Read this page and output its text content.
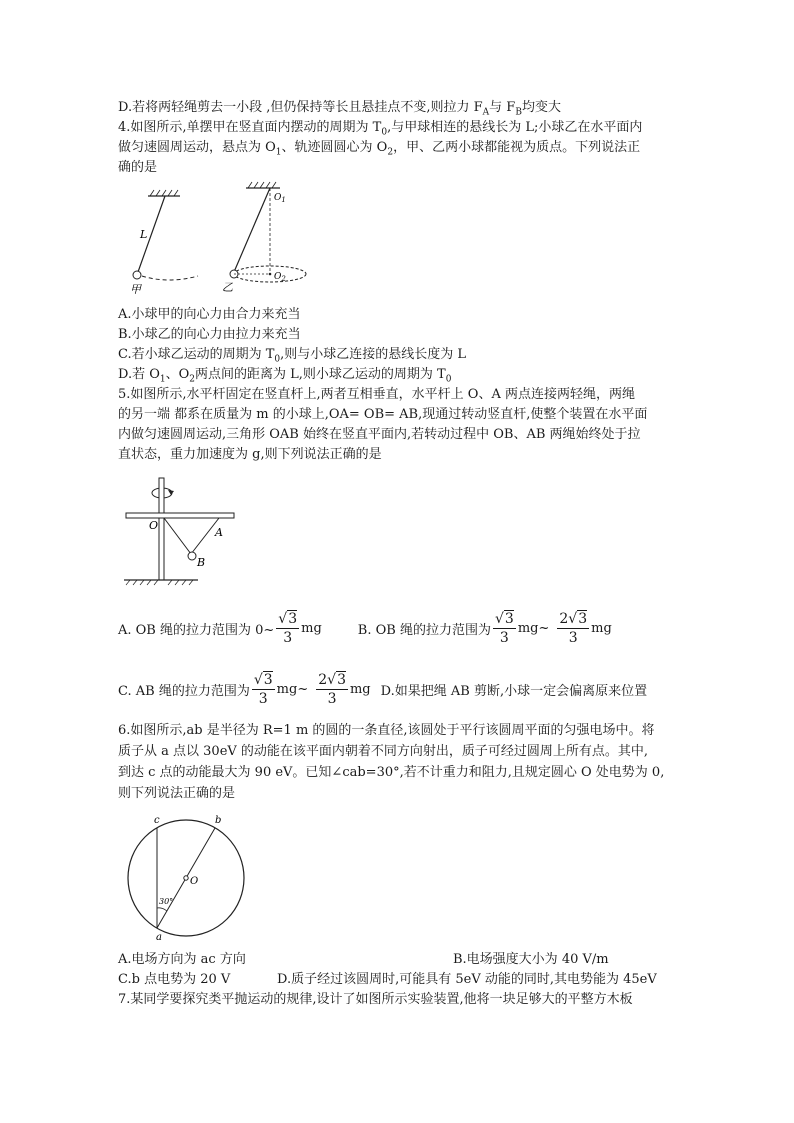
D.若将两轻绳剪去一小段 ,但仍保持等长且悬挂点不变,则拉力 $F_A$与 $F_B$均变大
4.如图所示,单摆甲在竖直面内摆动的周期为 $T_0$,与甲球相连的悬线长为 L;小球乙在水平面内
做匀速圆周运动，悬点为 $O_1$、轨迹圆圆心为 $O_2$，甲、乙两小球都能视为质点。下列说法正
确的是
L
甲
$O_1$
$O_2$
乙
A.小球甲的向心力由合力来充当
B.小球乙的向心力由拉力来充当
C.若小球乙运动的周期为 $T_0$,则与小球乙连接的悬线长度为 L
D.若 $O_1$、$O_2$两点间的距离为 L,则小球乙运动的周期为 $T_0$
5.如图所示,水平杆固定在竖直杆上,两者互相垂直，水平杆上 O、A 两点连接两轻绳，两绳
的另一端 都系在质量为 m 的小球上,OA= OB= AB,现通过转动竖直杆,使整个装置在水平面
内做匀速圆周运动,三角形 OAB 始终在竖直平面内,若转动过程中 OB、AB 两绳始终处于拉
直状态，重力加速度为 g,则下列说法正确的是
O
A
B
A. OB 绳的拉力范围为 0~ $\frac{√3}{3}$ mg	B. OB 绳的拉力范围为 $\frac{√3}{3}$ mg~ $\frac{2√3}{3}$ mg
C. AB 绳的拉力范围为 $\frac{√3}{3}$ mg~ $\frac{2√3}{3}$ mg D.如果把绳 AB 剪断,小球一定会偏离原来位置
6.如图所示,ab 是半径为 R=1 m 的圆的一条直径,该圆处于平行该圆周平面的匀强电场中。将
质子从 a 点以 30eV 的动能在该平面内朝着不同方向射出，质子可经过圆周上所有点。其中,
到达 c 点的动能最大为 90 eV。已知∠cab=30°,若不计重力和阻力,且规定圆心 O 处电势为 0,
则下列说法正确的是
c	b
O
a
30°
A.电场方向为 ac 方向	B.电场强度大小为 40 V/m
C.b 点电势为 20 V	D.质子经过该圆周时,可能具有 5eV 动能的同时,其电势能为 45eV
7.某同学要探究类平抛运动的规律,设计了如图所示实验装置,他将一块足够大的平整方木板
